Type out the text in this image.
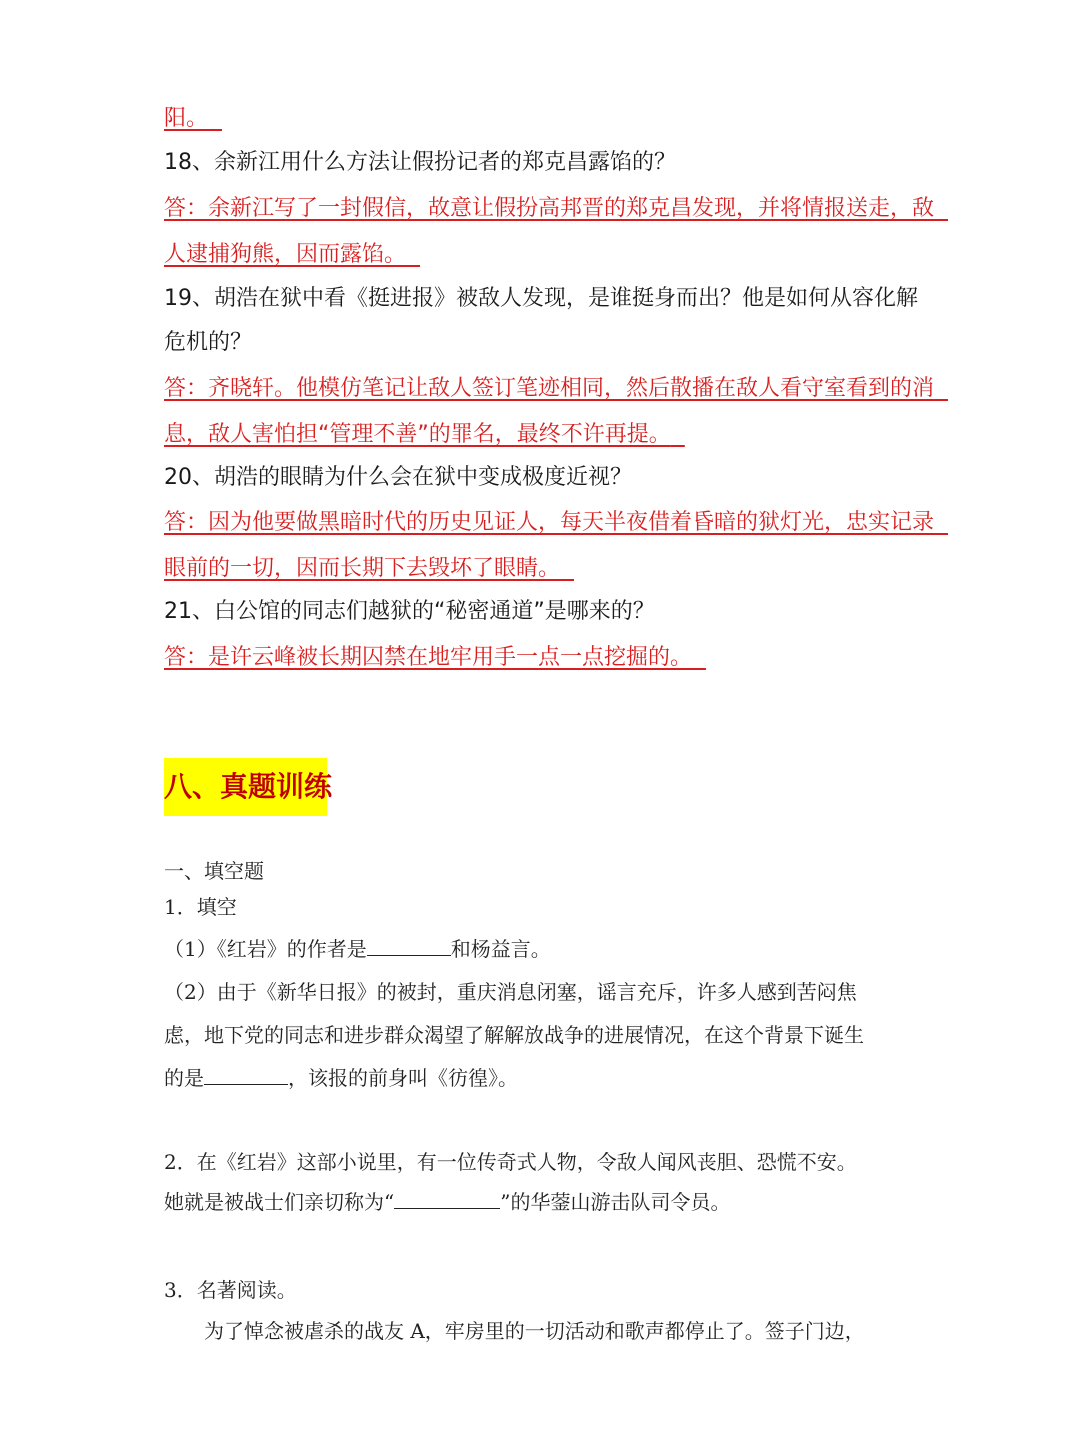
阳。
18、余新江用什么方法让假扮记者的郑克昌露馅的？
答：余新江写了一封假信，故意让假扮高邦晋的郑克昌发现，并将情报送走，敌
人逮捕狗熊，因而露馅。
19、胡浩在狱中看《挺进报》被敌人发现，是谁挺身而出？他是如何从容化解
危机的？
答：齐晓轩。他模仿笔记让敌人签订笔迹相同，然后散播在敌人看守室看到的消
息，敌人害怕担“管理不善”的罪名，最终不许再提。
20、胡浩的眼睛为什么会在狱中变成极度近视？
答：因为他要做黑暗时代的历史见证人，每天半夜借着昏暗的狱灯光，忠实记录
眼前的一切，因而长期下去毁坏了眼睛。
21、白公馆的同志们越狱的“秘密通道”是哪来的？
答：是许云峰被长期囚禁在地牢用手一点一点挖掘的。
八、真题训练
一、填空题
1．填空
（1）《红岩》的作者是	和杨益言。
（2）由于《新华日报》的被封，重庆消息闭塞，谣言充斥，许多人感到苦闷焦
虑，地下党的同志和进步群众渴望了解解放战争的进展情况，在这个背景下诞生
的是	，该报的前身叫《彷徨》。
2．在《红岩》这部小说里，有一位传奇式人物，令敌人闻风丧胆、恐慌不安。
她就是被战士们亲切称为“	”的华蓥山游击队司令员。
3．名著阅读。
为了悼念被虐杀的战友 A，牢房里的一切活动和歌声都停止了。签子门边，
